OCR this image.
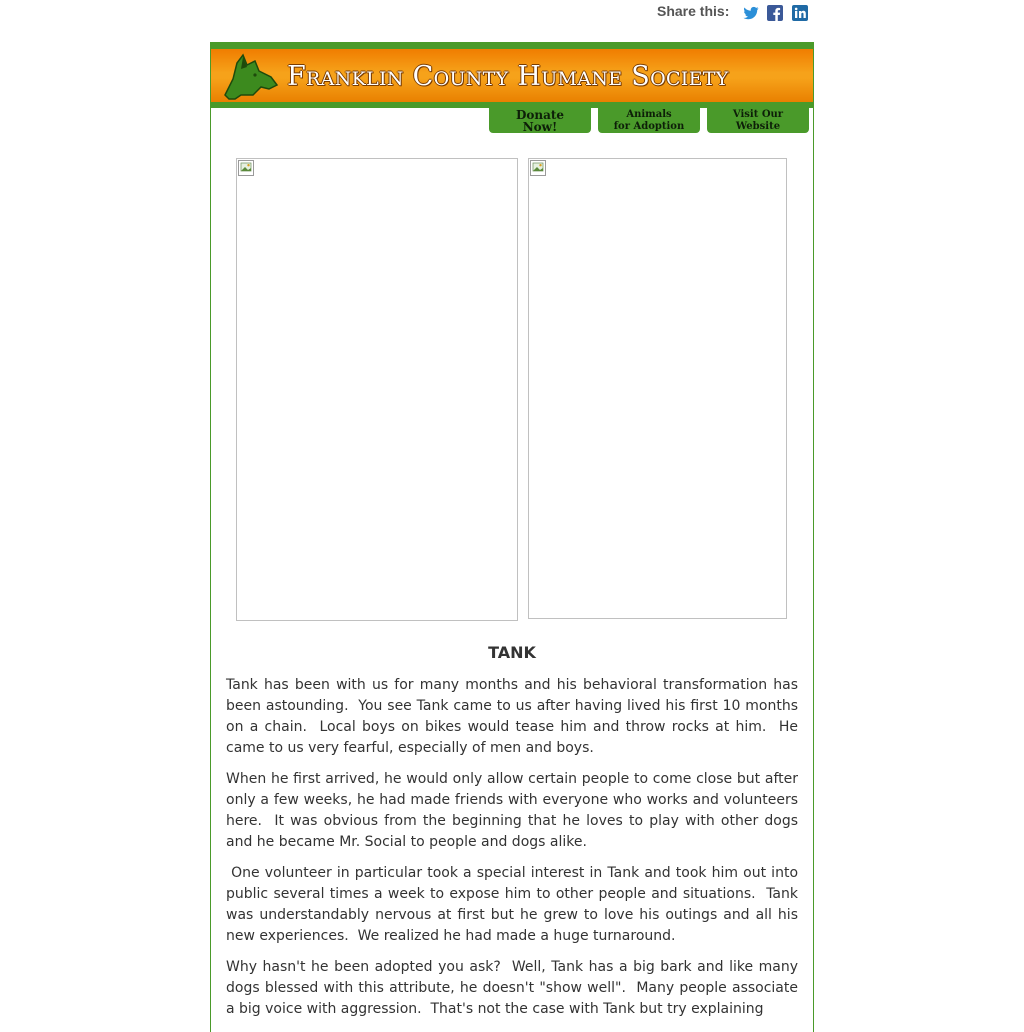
Share this:

Franklin County Humane Society
Donate
Now!
Animals
for Adoption
Visit Our
Website
TANK

Tank has been with us for many months and his behavioral transformation has been astounding.  You see Tank came to us after having lived his first 10 months on a chain.  Local boys on bikes would tease him and throw rocks at him.  He came to us very fearful, especially of men and boys.

When he first arrived, he would only allow certain people to come close but after only a few weeks, he had made friends with everyone who works and volunteers here.  It was obvious from the beginning that he loves to play with other dogs and he became Mr. Social to people and dogs alike.

One volunteer in particular took a special interest in Tank and took him out into  public several times a week to expose him to other people and situations.  Tank was understandably nervous at first but he grew to love his outings and all his new experiences.  We realized he had made a huge turnaround.

Why hasn't he been adopted you ask?  Well, Tank has a big bark and like many dogs blessed with this attribute, he doesn't "show well".  Many people associate a big voice with aggression.  That's not the case with Tank but try explaining
